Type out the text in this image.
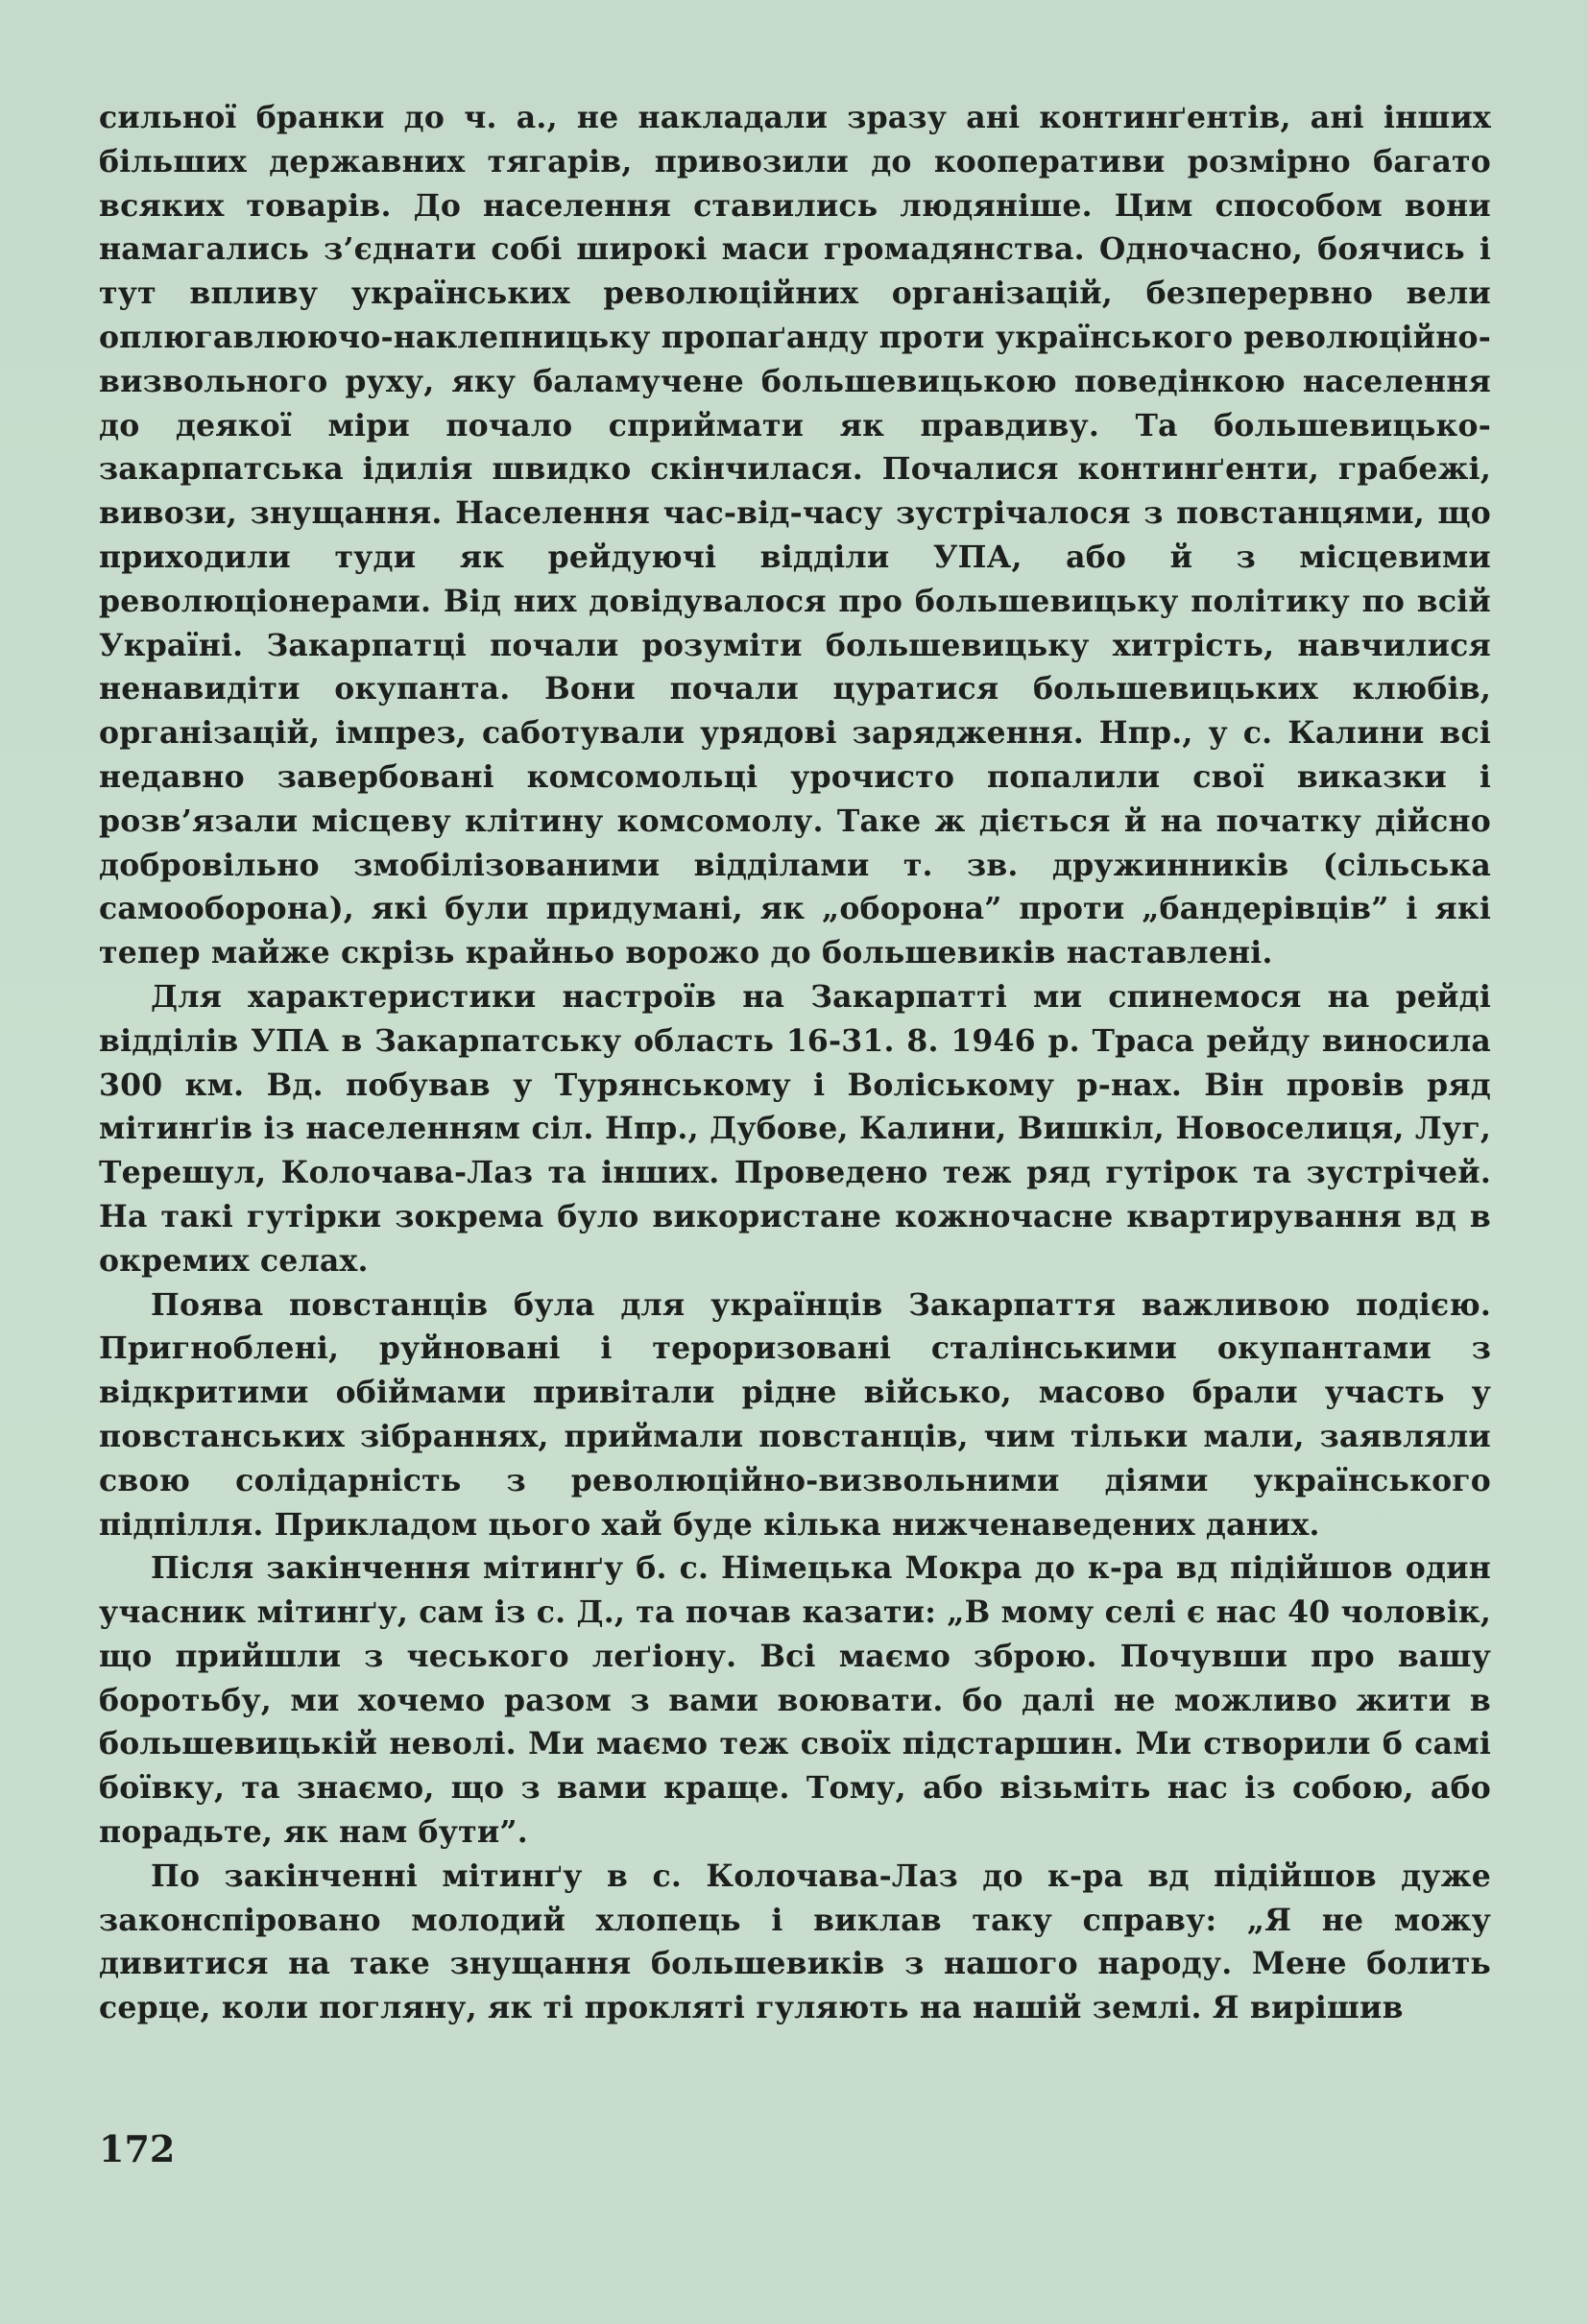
сильної бранки до ч. а., не накладали зразу ані континґентів, ані інших більших державних тягарів, привозили до кооперативи розмірно багато всяких товарів. До населення ставились людяніше. Цим способом вони намагались з’єднати собі широкі маси громадянства. Одночасно, боячись і тут впливу українських революційних організацій, безперервно вели оплюгавлюючо-наклепницьку пропаґанду проти українського революційно-визвольного руху, яку баламучене большевицькою поведінкою населення до деякої міри почало сприймати як правдиву. Та большевицько-закарпатська ідилія швидко скінчилася. Почалися континґенти, грабежі, вивози, знущання. Населення час-від-часу зустрічалося з повстанцями, що приходили туди як рейдуючі відділи УПА, або й з місцевими революціонерами. Від них довідувалося про большевицьку політику по всій Україні. Закарпатці почали розуміти большевицьку хитрість, навчилися ненавидіти окупанта. Вони почали цуратися большевицьких клюбів, організацій, імпрез, саботували урядові зарядження. Нпр., у с. Калини всі недавно завербовані комсомольці урочисто попалили свої виказки і розв’язали місцеву клітину комсомолу. Таке ж діється й на початку дійсно добровільно змобілізованими відділами т. зв. дружинників (сільська самооборона), які були придумані, як „оборона” проти „бандерівців” і які тепер майже скрізь крайньо ворожо до большевиків наставлені.

Для характеристики настроїв на Закарпатті ми спинемося на рейді відділів УПА в Закарпатську область 16-31. 8. 1946 р. Траса рейду виносила 300 км. Вд. побував у Турянському і Воліському р-нах. Він провів ряд мітинґів із населенням сіл. Нпр., Дубове, Калини, Вишкіл, Новоселиця, Луг, Терешул, Колочава-Лаз та інших. Проведено теж ряд гутірок та зустрічей. На такі гутірки зокрема було використане кожночасне квартирування вд в окремих селах.

Поява повстанців була для українців Закарпаття важливою подією. Пригноблені, руйновані і тероризовані сталінськими окупантами з відкритими обіймами привітали рідне військо, масово брали участь у повстанських зібраннях, приймали повстанців, чим тільки мали, заявляли свою солідарність з революційно-визвольними діями українського підпілля. Прикладом цього хай буде кілька нижченаведених даних.

Після закінчення мітинґу б. с. Німецька Мокра до к-ра вд підійшов один учасник мітинґу, сам із с. Д., та почав казати: „В мому селі є нас 40 чоловік, що прийшли з чеського леґіону. Всі маємо зброю. Почувши про вашу боротьбу, ми хочемо разом з вами воювати. бо далі не можливо жити в большевицькій неволі. Ми маємо теж своїх підстаршин. Ми створили б самі боївку, та знаємо, що з вами краще. Тому, або візьміть нас із собою, або порадьте, як нам бути”.

По закінченні мітинґу в с. Колочава-Лаз до к-ра вд підійшов дуже законспіровано молодий хлопець і виклав таку справу: „Я не можу дивитися на таке знущання большевиків з нашого народу. Мене болить серце, коли погляну, як ті прокляті гуляють на нашій землі. Я вирішив

172
